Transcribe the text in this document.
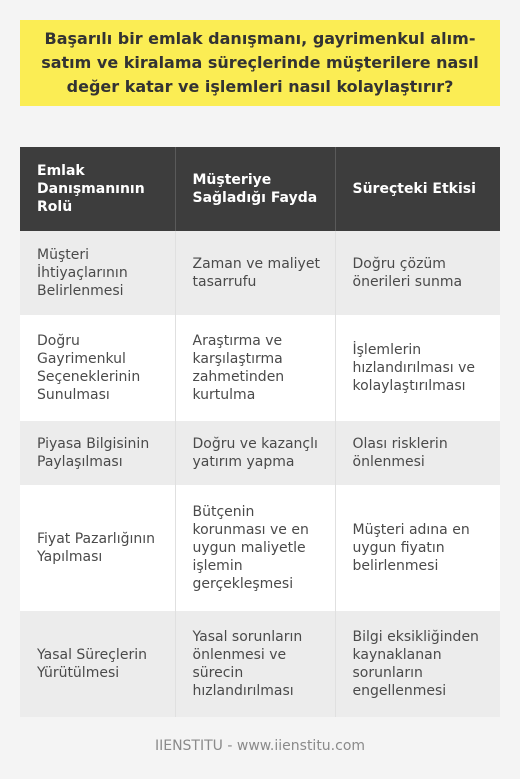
Başarılı bir emlak danışmanı, gayrimenkul alım-satım ve kiralama süreçlerinde müşterilere nasıl değer katar ve işlemleri nasıl kolaylaştırır?
Emlak Danışmanının Rolü	Müşteriye Sağladığı Fayda	Süreçteki Etkisi
Müşteri İhtiyaçlarının Belirlenmesi	Zaman ve maliyet tasarrufu	Doğru çözüm önerileri sunma
Doğru Gayrimenkul Seçeneklerinin Sunulması	Araştırma ve karşılaştırma zahmetinden kurtulma	İşlemlerin hızlandırılması ve kolaylaştırılması
Piyasa Bilgisinin Paylaşılması	Doğru ve kazançlı yatırım yapma	Olası risklerin önlenmesi
Fiyat Pazarlığının Yapılması	Bütçenin korunması ve en uygun maliyetle işlemin gerçekleşmesi	Müşteri adına en uygun fiyatın belirlenmesi
Yasal Süreçlerin Yürütülmesi	Yasal sorunların önlenmesi ve sürecin hızlandırılması	Bilgi eksikliğinden kaynaklanan sorunların engellenmesi
IIENSTITU - www.iienstitu.com
